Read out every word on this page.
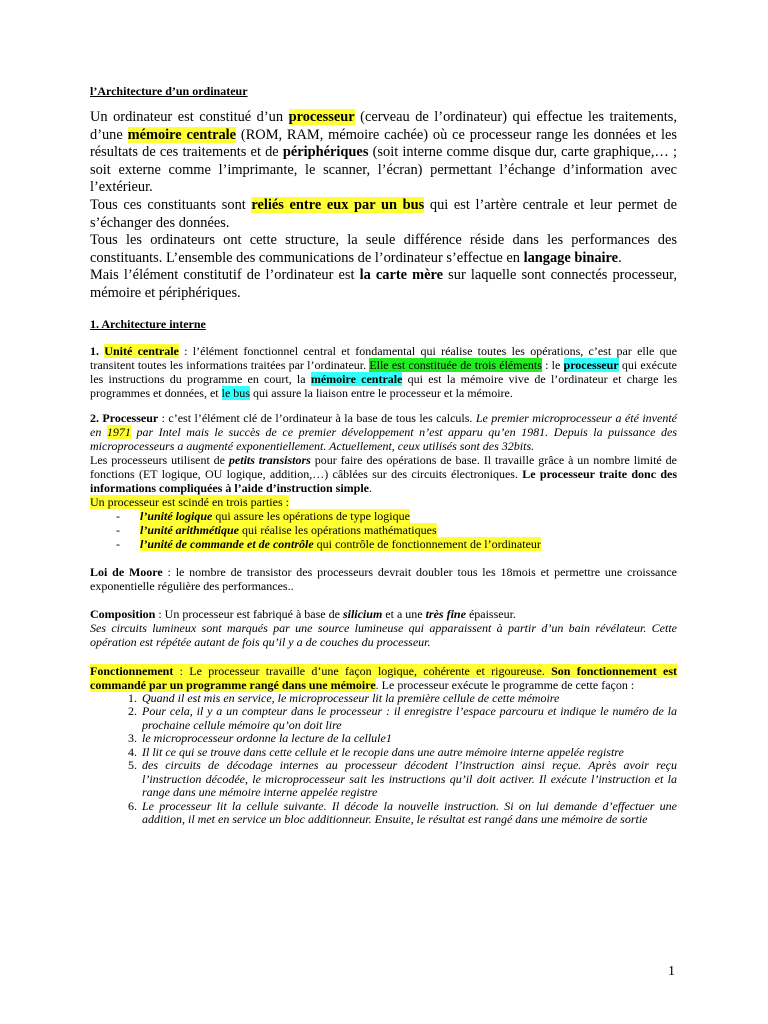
l’Architecture d’un ordinateur

Un ordinateur est constitué d’un processeur (cerveau de l’ordinateur) qui effectue les traitements, d’une mémoire centrale (ROM, RAM, mémoire cachée) où ce processeur range les données et les résultats de ces traitements et de périphériques (soit interne comme disque dur, carte graphique,… ; soit externe comme l’imprimante, le scanner, l’écran) permettant l’échange d’information avec l’extérieur.

Tous ces constituants sont reliés entre eux par un bus qui est l’artère centrale et leur permet de s’échanger des données.

Tous les ordinateurs ont cette structure, la seule différence réside dans les performances des constituants. L’ensemble des communications de l’ordinateur s’effectue en langage binaire.

Mais l’élément constitutif de l’ordinateur est la carte mère sur laquelle sont connectés processeur, mémoire et périphériques.

1. Architecture interne

1. Unité centrale : l’élément fonctionnel central et fondamental qui réalise toutes les opérations, c’est par elle que transitent toutes les informations traitées par l’ordinateur. Elle est constituée de trois éléments : le processeur qui exécute les instructions du programme en court, la mémoire centrale qui est la mémoire vive de l’ordinateur et charge les programmes et données, et le bus qui assure la liaison entre le processeur et la mémoire.

2. Processeur : c’est l’élément clé de l’ordinateur à la base de tous les calculs. Le premier microprocesseur a été inventé en 1971 par Intel mais le succès de ce premier développement n’est apparu qu’en 1981. Depuis la puissance des microprocesseurs a augmenté exponentiellement. Actuellement, ceux utilisés sont des 32bits.

Les processeurs utilisent de petits transistors pour faire des opérations de base. Il travaille grâce à un nombre limité de fonctions (ET logique, OU logique, addition,…) câblées sur des circuits électroniques. Le processeur traite donc des informations compliquées à l’aide d’instruction simple.

Un processeur est scindé en trois parties :

- l’unité logique qui assure les opérations de type logique
- l’unité arithmétique qui réalise les opérations mathématiques
- l’unité de commande et de contrôle qui contrôle de fonctionnement de l’ordinateur

Loi de Moore : le nombre de transistor des processeurs devrait doubler tous les 18mois et permettre une croissance exponentielle régulière des performances..

Composition : Un processeur est fabriqué à base de silicium et a une très fine épaisseur.

Ses circuits lumineux sont marqués par une source lumineuse qui apparaissent à partir d’un bain révélateur. Cette opération est répétée autant de fois qu’il y a de couches du processeur.

Fonctionnement : Le processeur travaille d’une façon logique, cohérente et rigoureuse. Son fonctionnement est commandé par un programme rangé dans une mémoire. Le processeur exécute le programme de cette façon :

1. Quand il est mis en service, le microprocesseur lit la première cellule de cette mémoire
2. Pour cela, il y a un compteur dans le processeur : il enregistre l’espace parcouru et indique le numéro de la prochaine cellule mémoire qu’on doit lire
3. le microprocesseur ordonne la lecture de la cellule1
4. Il lit ce qui se trouve dans cette cellule et le recopie dans une autre mémoire interne appelée registre
5. des circuits de décodage internes au processeur décodent l’instruction ainsi reçue. Après avoir reçu l’instruction décodée, le microprocesseur sait les instructions qu’il doit activer. Il exécute l’instruction et la range dans une mémoire interne appelée registre
6. Le processeur lit la cellule suivante. Il décode la nouvelle instruction. Si on lui demande d’effectuer une addition, il met en service un bloc additionneur. Ensuite, le résultat est rangé dans une mémoire de sortie
1
